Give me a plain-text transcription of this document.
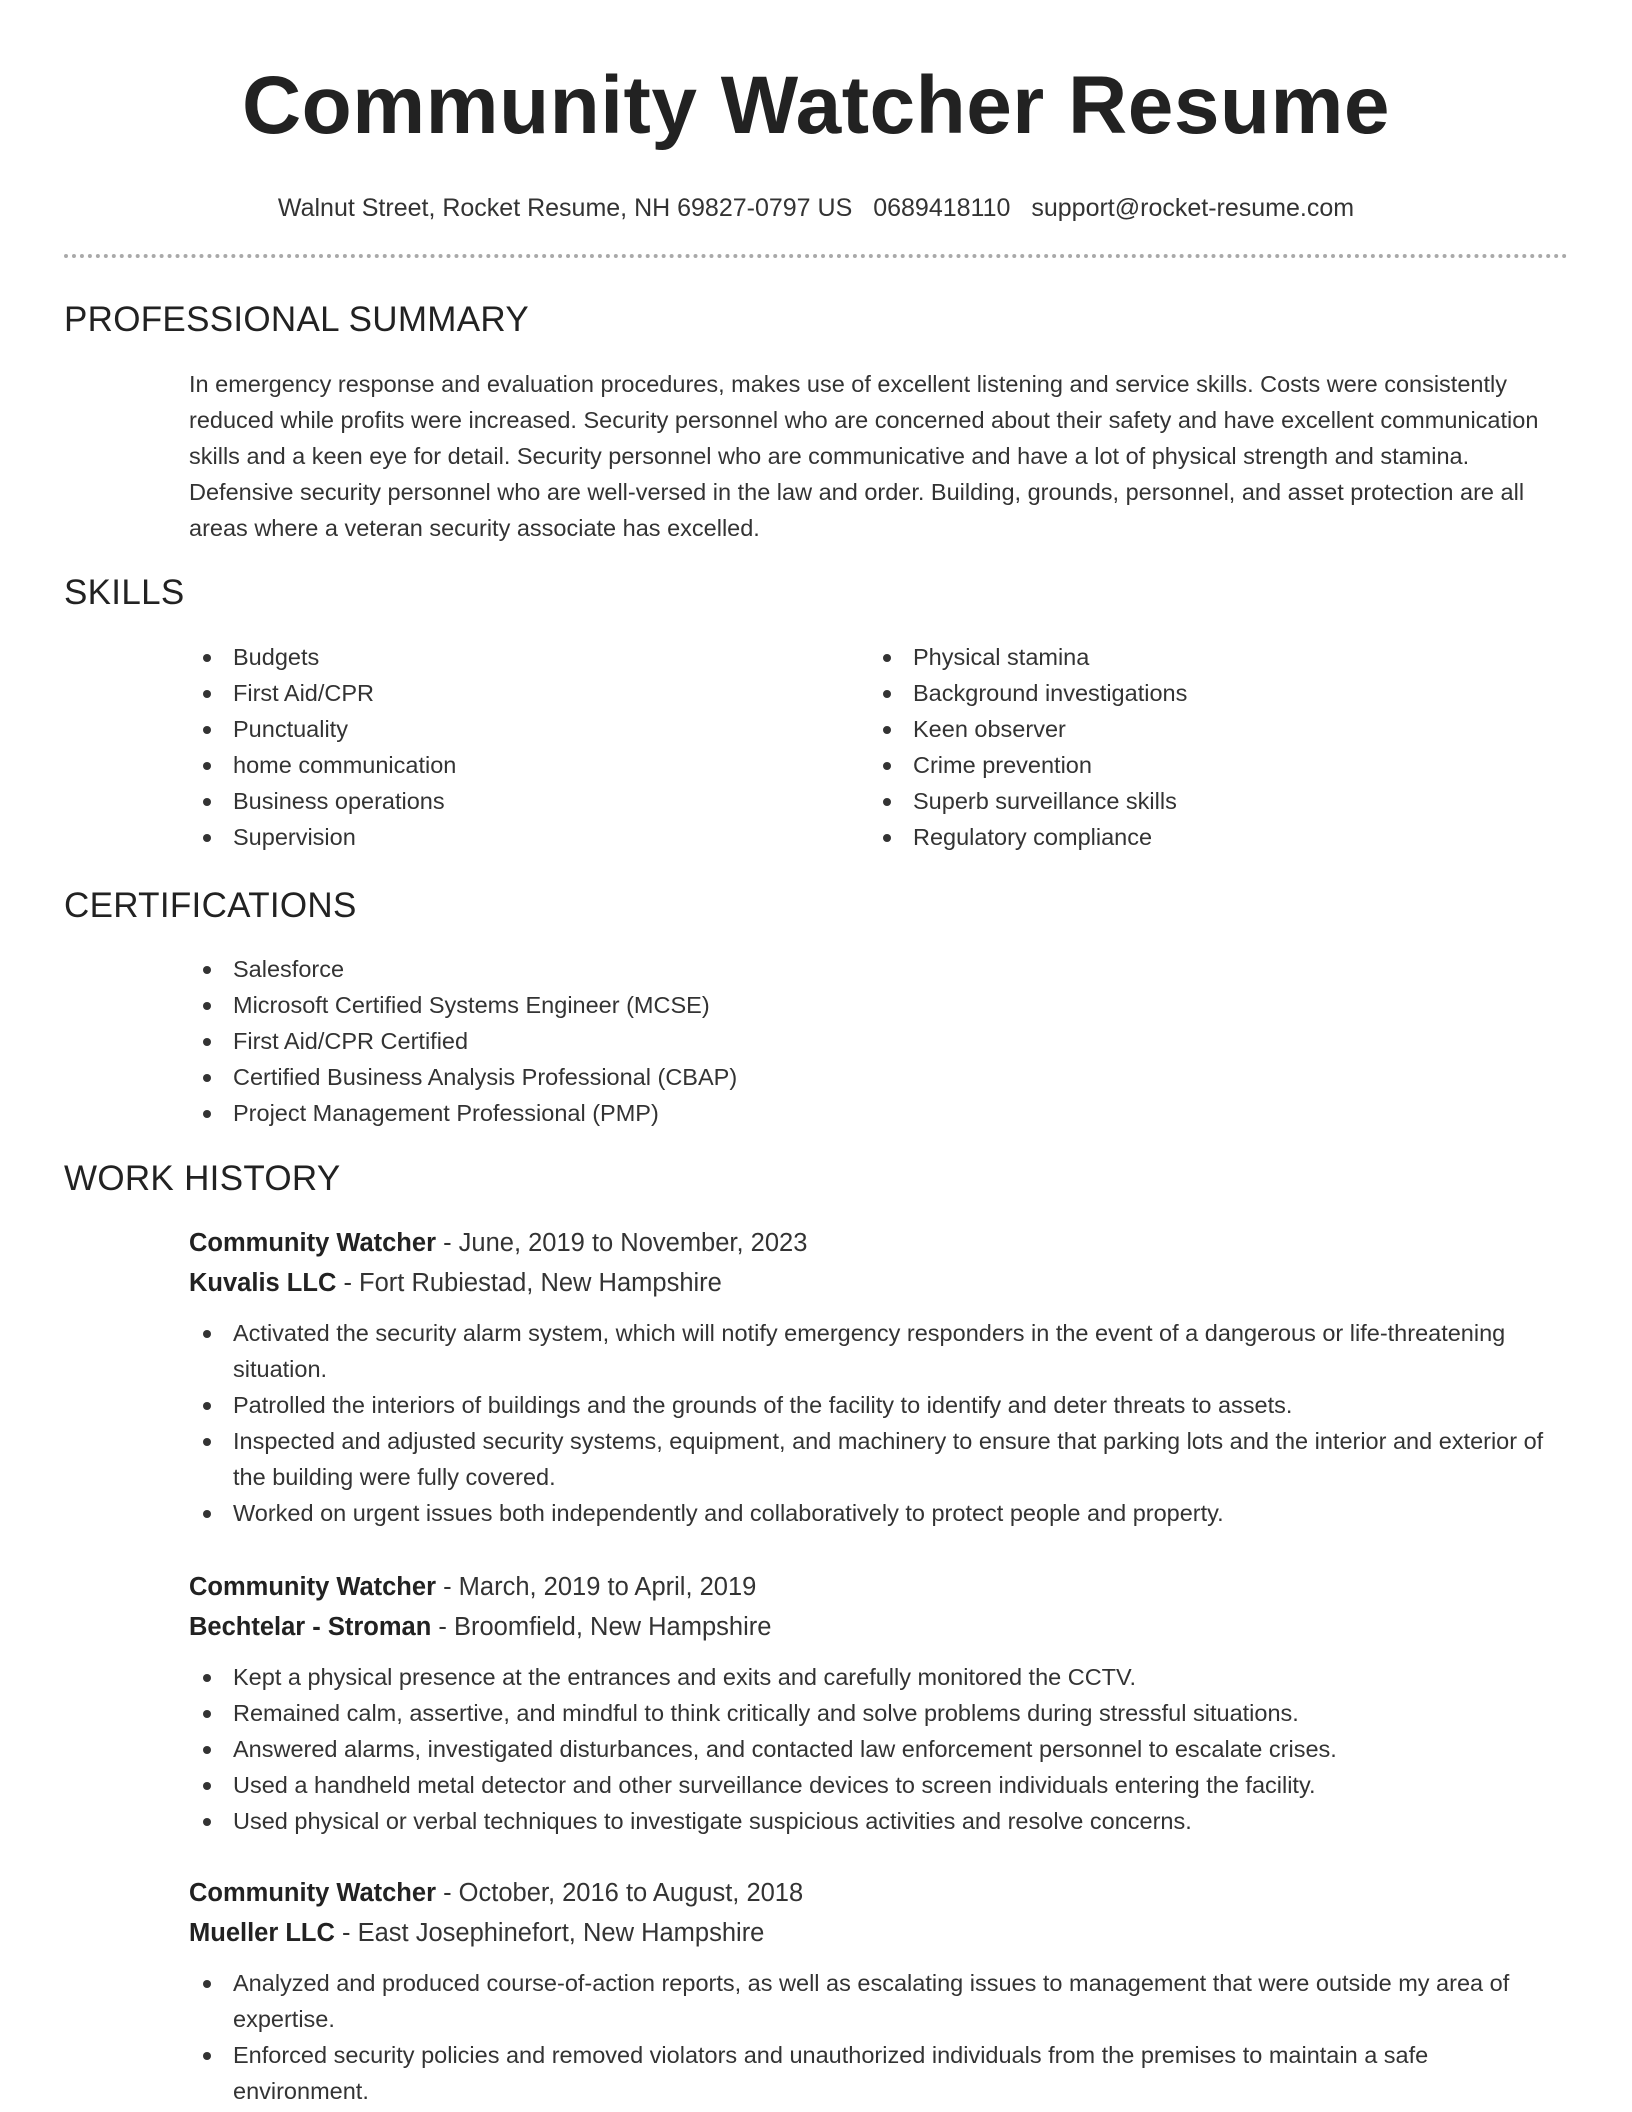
Community Watcher Resume
Walnut Street, Rocket Resume, NH 69827-0797 US 0689418110 support@rocket-resume.com
PROFESSIONAL SUMMARY
In emergency response and evaluation procedures, makes use of excellent listening and service skills. Costs were consistently reduced while profits were increased. Security personnel who are concerned about their safety and have excellent communication skills and a keen eye for detail. Security personnel who are communicative and have a lot of physical strength and stamina. Defensive security personnel who are well-versed in the law and order. Building, grounds, personnel, and asset protection are all areas where a veteran security associate has excelled.
SKILLS
Budgets
First Aid/CPR
Punctuality
home communication
Business operations
Supervision
Physical stamina
Background investigations
Keen observer
Crime prevention
Superb surveillance skills
Regulatory compliance
CERTIFICATIONS
Salesforce
Microsoft Certified Systems Engineer (MCSE)
First Aid/CPR Certified
Certified Business Analysis Professional (CBAP)
Project Management Professional (PMP)
WORK HISTORY
Community Watcher - June, 2019 to November, 2023
Kuvalis LLC - Fort Rubiestad, New Hampshire
Activated the security alarm system, which will notify emergency responders in the event of a dangerous or life-threatening situation.
Patrolled the interiors of buildings and the grounds of the facility to identify and deter threats to assets.
Inspected and adjusted security systems, equipment, and machinery to ensure that parking lots and the interior and exterior of the building were fully covered.
Worked on urgent issues both independently and collaboratively to protect people and property.
Community Watcher - March, 2019 to April, 2019
Bechtelar - Stroman - Broomfield, New Hampshire
Kept a physical presence at the entrances and exits and carefully monitored the CCTV.
Remained calm, assertive, and mindful to think critically and solve problems during stressful situations.
Answered alarms, investigated disturbances, and contacted law enforcement personnel to escalate crises.
Used a handheld metal detector and other surveillance devices to screen individuals entering the facility.
Used physical or verbal techniques to investigate suspicious activities and resolve concerns.
Community Watcher - October, 2016 to August, 2018
Mueller LLC - East Josephinefort, New Hampshire
Analyzed and produced course-of-action reports, as well as escalating issues to management that were outside my area of expertise.
Enforced security policies and removed violators and unauthorized individuals from the premises to maintain a safe environment.
